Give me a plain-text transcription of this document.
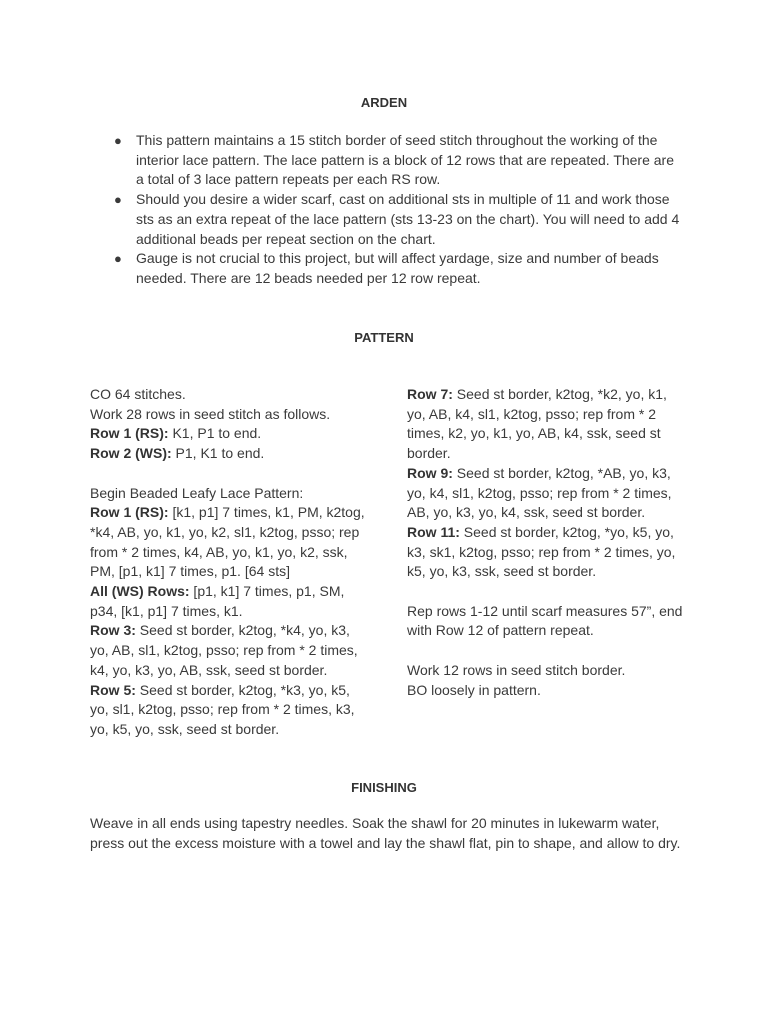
ARDEN
● This pattern maintains a 15 stitch border of seed stitch throughout the working of the interior lace pattern. The lace pattern is a block of 12 rows that are repeated. There are a total of 3 lace pattern repeats per each RS row.
● Should you desire a wider scarf, cast on additional sts in multiple of 11 and work those sts as an extra repeat of the lace pattern (sts 13-23 on the chart). You will need to add 4 additional beads per repeat section on the chart.
● Gauge is not crucial to this project, but will affect yardage, size and number of beads needed. There are 12 beads needed per 12 row repeat.
PATTERN
CO 64 stitches.
Work 28 rows in seed stitch as follows.
Row 1 (RS): K1, P1 to end.
Row 2 (WS): P1, K1 to end.
Begin Beaded Leafy Lace Pattern:
Row 1 (RS): [k1, p1] 7 times, k1, PM, k2tog, *k4, AB, yo, k1, yo, k2, sl1, k2tog, psso; rep from * 2 times, k4, AB, yo, k1, yo, k2, ssk, PM, [p1, k1] 7 times, p1. [64 sts]
All (WS) Rows: [p1, k1] 7 times, p1, SM, p34, [k1, p1] 7 times, k1.
Row 3: Seed st border, k2tog, *k4, yo, k3, yo, AB, sl1, k2tog, psso; rep from * 2 times, k4, yo, k3, yo, AB, ssk, seed st border.
Row 5: Seed st border, k2tog, *k3, yo, k5, yo, sl1, k2tog, psso; rep from * 2 times, k3, yo, k5, yo, ssk, seed st border.
Row 7: Seed st border, k2tog, *k2, yo, k1, yo, AB, k4, sl1, k2tog, psso; rep from * 2 times, k2, yo, k1, yo, AB, k4, ssk, seed st border.
Row 9: Seed st border, k2tog, *AB, yo, k3, yo, k4, sl1, k2tog, psso; rep from * 2 times, AB, yo, k3, yo, k4, ssk, seed st border.
Row 11: Seed st border, k2tog, *yo, k5, yo, k3, sk1, k2tog, psso; rep from * 2 times, yo, k5, yo, k3, ssk, seed st border.
Rep rows 1-12 until scarf measures 57”, end with Row 12 of pattern repeat.
Work 12 rows in seed stitch border.
BO loosely in pattern.
FINISHING

Weave in all ends using tapestry needles. Soak the shawl for 20 minutes in lukewarm water, press out the excess moisture with a towel and lay the shawl flat, pin to shape, and allow to dry.
